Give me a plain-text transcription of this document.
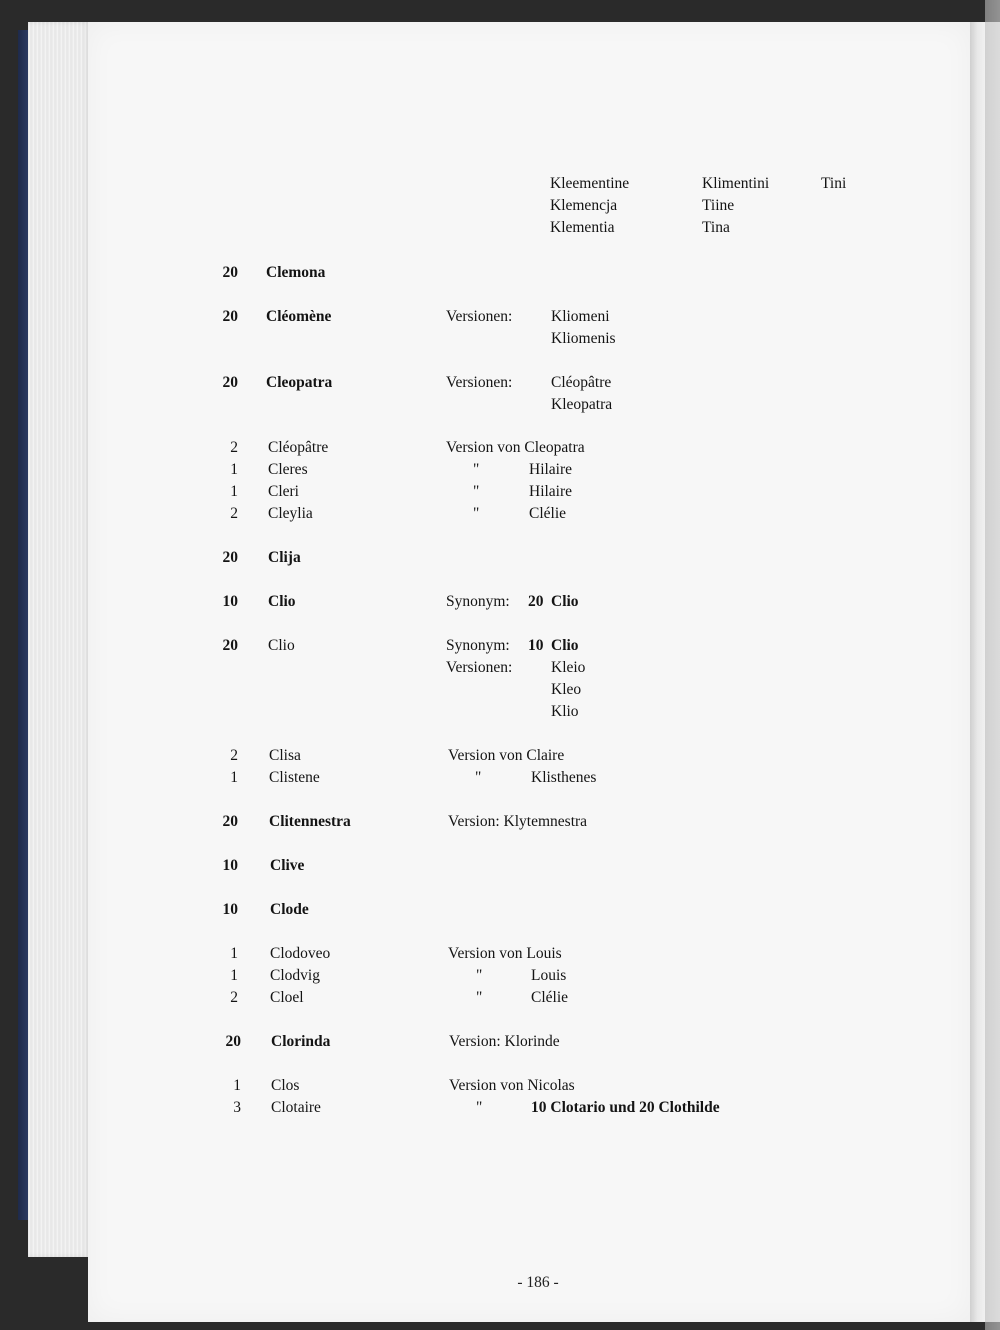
Kleementine	Klimentini	Tini
Klemencja	Tiine
Klementia	Tina
20 Clemona
20 Cléomène	Versionen: Kliomeni
Kliomenis
20 Cleopatra	Versionen: Cléopâtre
Kleopatra
2 Cléopâtre	Version von Cleopatra
1 Cleres	"	Hilaire
1 Cleri	"	Hilaire
2 Cleylia	"	Clélie
20 Clija
10 Clio	Synonym: 20 Clio
20 Clio	Synonym: 10 Clio
Versionen: Kleio
Kleo
Klio
2 Clisa	Version von Claire
1 Clistene	"	Klisthenes
20 Clitennestra	Version: Klytemnestra
10 Clive
10 Clode
1 Clodoveo	Version von Louis
1 Clodvig	"	Louis
2 Cloel	"	Clélie
20 Clorinda	Version: Klorinde
1 Clos	Version von Nicolas
3 Clotaire	"	10 Clotario und 20 Clothilde
- 186 -
